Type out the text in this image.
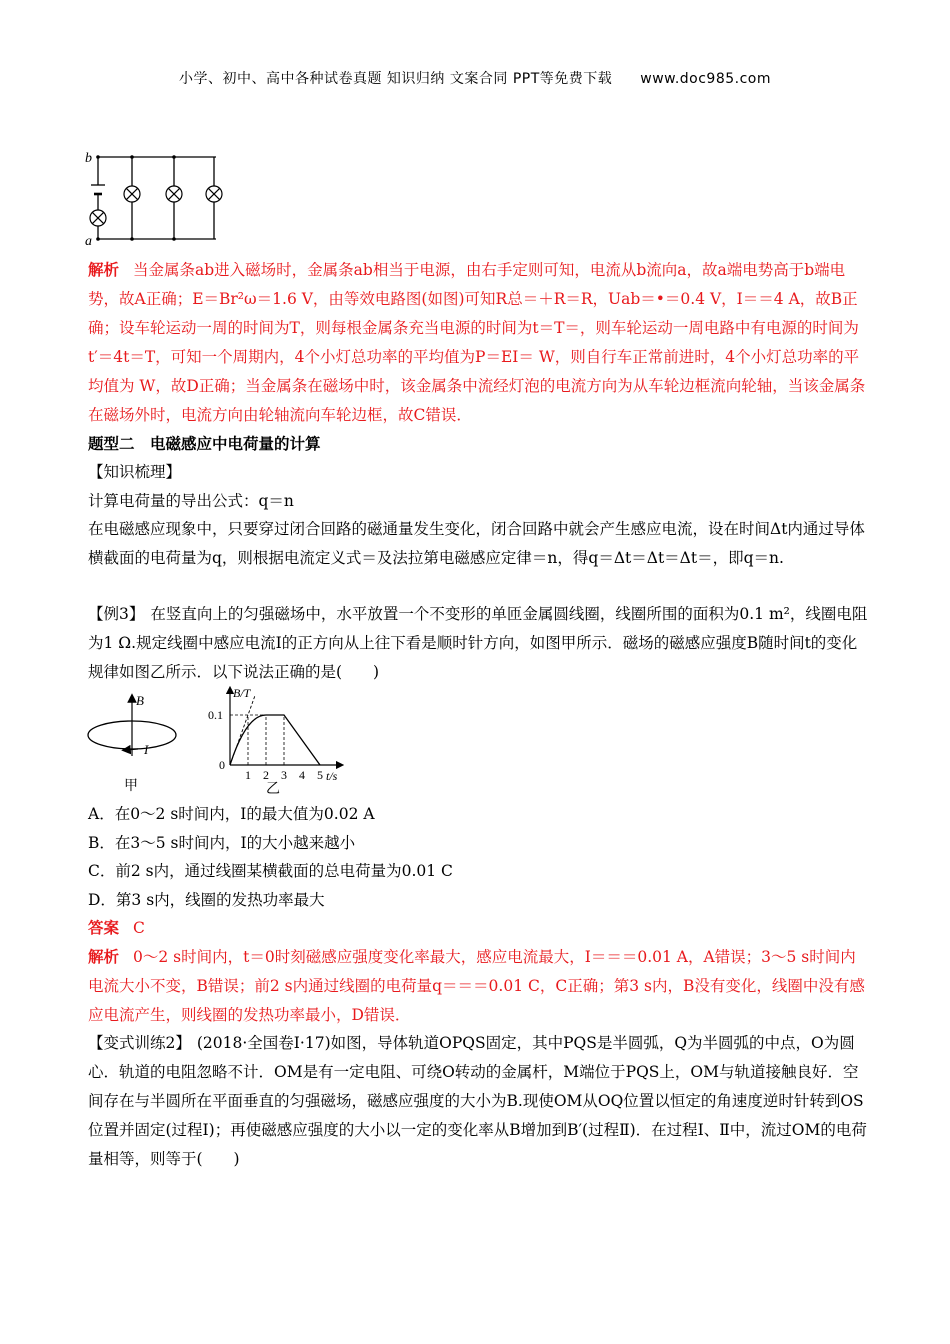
小学、初中、高中各种试卷真题 知识归纳 文案合同 PPT等免费下载 www.doc985.com
b
a
解析 当金属条ab进入磁场时，金属条ab相当于电源，由右手定则可知，电流从b流向a，故a端电势高于b端电势，故A正确；E＝Br²ω＝1.6 V，由等效电路图(如图)可知R总＝＋R＝R，Uab＝•＝0.4 V，I＝＝4 A，故B正确；设车轮运动一周的时间为T，则每根金属条充当电源的时间为t＝T＝，则车轮运动一周电路中有电源的时间为t′＝4t＝T，可知一个周期内，4个小灯总功率的平均值为P＝EI＝ W，则自行车正常前进时，4个小灯总功率的平均值为 W，故D正确；当金属条在磁场中时，该金属条中流经灯泡的电流方向为从车轮边框流向轮轴，当该金属条在磁场外时，电流方向由轮轴流向车轮边框，故C错误．
题型二　电磁感应中电荷量的计算
【知识梳理】
计算电荷量的导出公式：q＝n
在电磁感应现象中，只要穿过闭合回路的磁通量发生变化，闭合回路中就会产生感应电流，设在时间Δt内通过导体横截面的电荷量为q，则根据电流定义式＝及法拉第电磁感应定律＝n，得q＝Δt＝Δt＝Δt＝，即q＝n.
【例3】 在竖直向上的匀强磁场中，水平放置一个不变形的单匝金属圆线圈，线圈所围的面积为0.1 m²，线圈电阻为1 Ω.规定线圈中感应电流I的正方向从上往下看是顺时针方向，如图甲所示．磁场的磁感应强度B随时间t的变化规律如图乙所示．以下说法正确的是(　　)
B
I
甲
1 2 3 4 5
0.1
B/T
t/s
0
乙
A．在0～2 s时间内，I的最大值为0.02 A
B．在3～5 s时间内，I的大小越来越小
C．前2 s内，通过线圈某横截面的总电荷量为0.01 C
D．第3 s内，线圈的发热功率最大
答案 C
解析 0～2 s时间内，t＝0时刻磁感应强度变化率最大，感应电流最大，I＝＝＝0.01 A，A错误；3～5 s时间内电流大小不变，B错误；前2 s内通过线圈的电荷量q＝＝＝0.01 C，C正确；第3 s内，B没有变化，线圈中没有感应电流产生，则线圈的发热功率最小，D错误．
【变式训练2】 (2018·全国卷Ⅰ·17)如图，导体轨道OPQS固定，其中PQS是半圆弧，Q为半圆弧的中点，O为圆心．轨道的电阻忽略不计．OM是有一定电阻、可绕O转动的金属杆，M端位于PQS上，OM与轨道接触良好．空间存在与半圆所在平面垂直的匀强磁场，磁感应强度的大小为B.现使OM从OQ位置以恒定的角速度逆时针转到OS位置并固定(过程Ⅰ)；再使磁感应强度的大小以一定的变化率从B增加到B′(过程Ⅱ)．在过程Ⅰ、Ⅱ中，流过OM的电荷量相等，则等于(　　)
